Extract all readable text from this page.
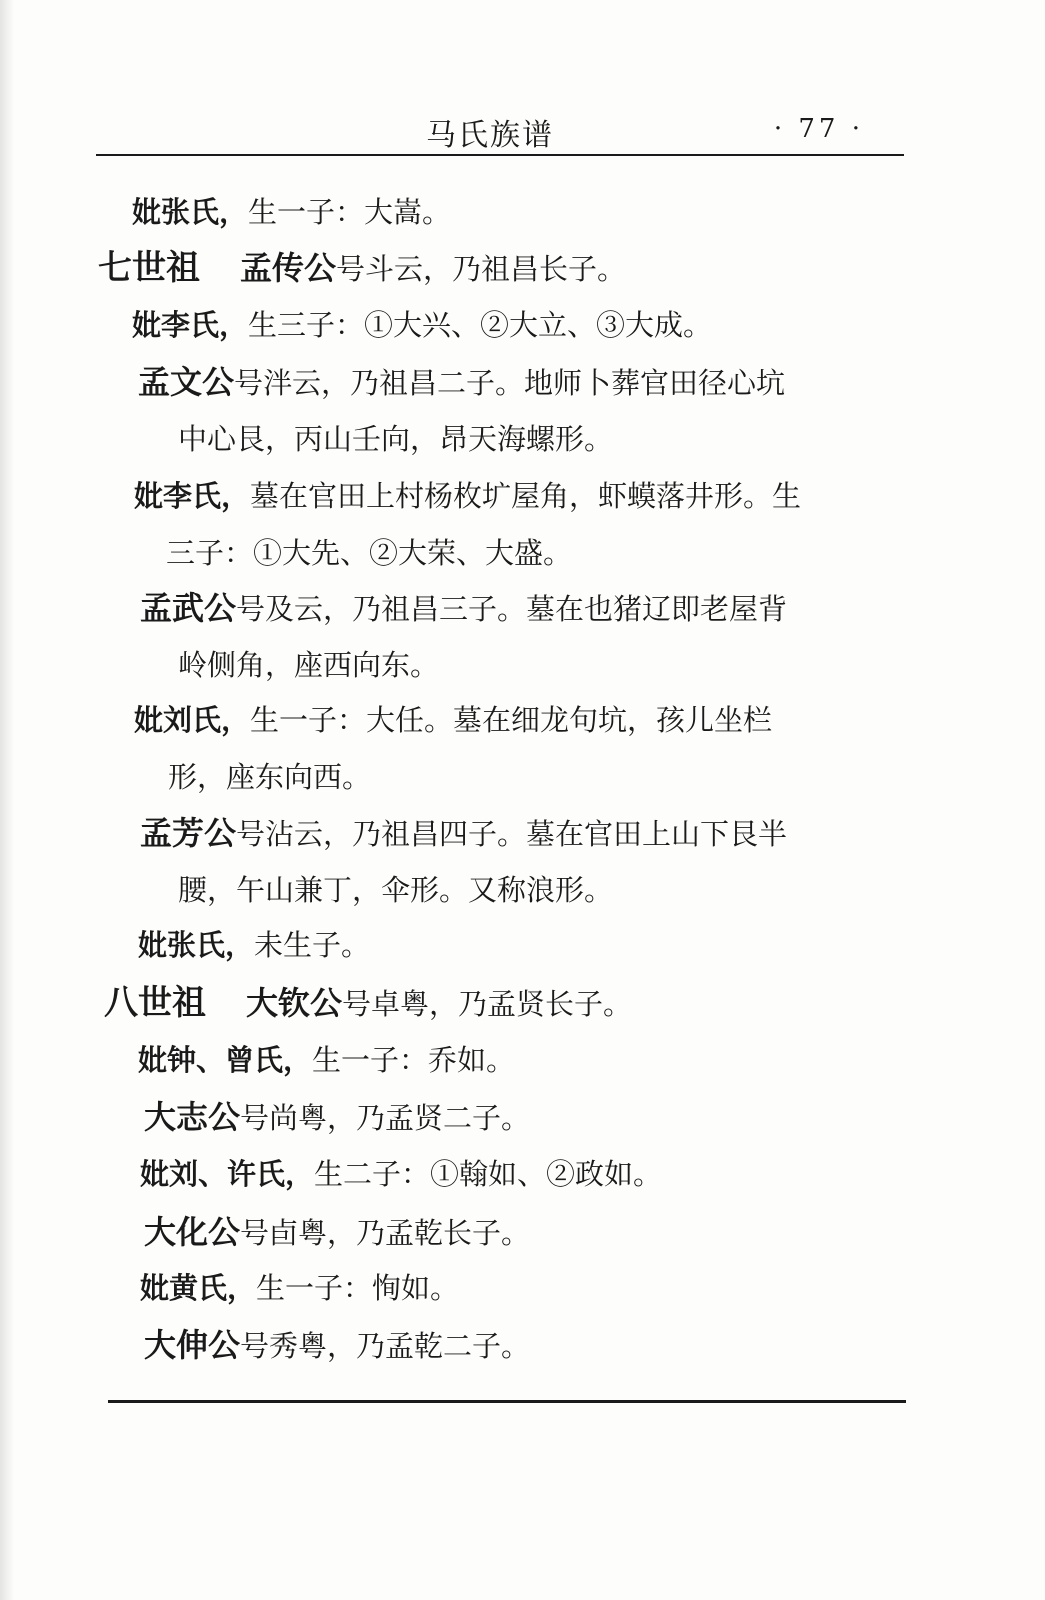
马氏族谱	· 77 ·
妣张氏，生一子：大嵩。
七世祖 孟传公号斗云，乃祖昌长子。
妣李氏，生三子：①大兴、②大立、③大成。
孟文公号泮云，乃祖昌二子。地师卜葬官田径心坑
中心艮，丙山壬向，昂天海螺形。
妣李氏，墓在官田上村杨枚圹屋角，虾蟆落井形。生
三子：①大先、②大荣、大盛。
孟武公号及云，乃祖昌三子。墓在也猪辽即老屋背
岭侧角，座西向东。
妣刘氏，生一子：大任。墓在细龙句坑，孩儿坐栏
形，座东向西。
孟芳公号沾云，乃祖昌四子。墓在官田上山下艮半
腰，午山兼丁，伞形。又称浪形。
妣张氏，未生子。
八世祖 大钦公号卓粤，乃孟贤长子。
妣钟、曾氏，生一子：乔如。
大志公号尚粤，乃孟贤二子。
妣刘、许氏，生二子：①翰如、②政如。
大化公号卣粤，乃孟乾长子。
妣黄氏，生一子：恂如。
大伸公号秀粤，乃孟乾二子。
